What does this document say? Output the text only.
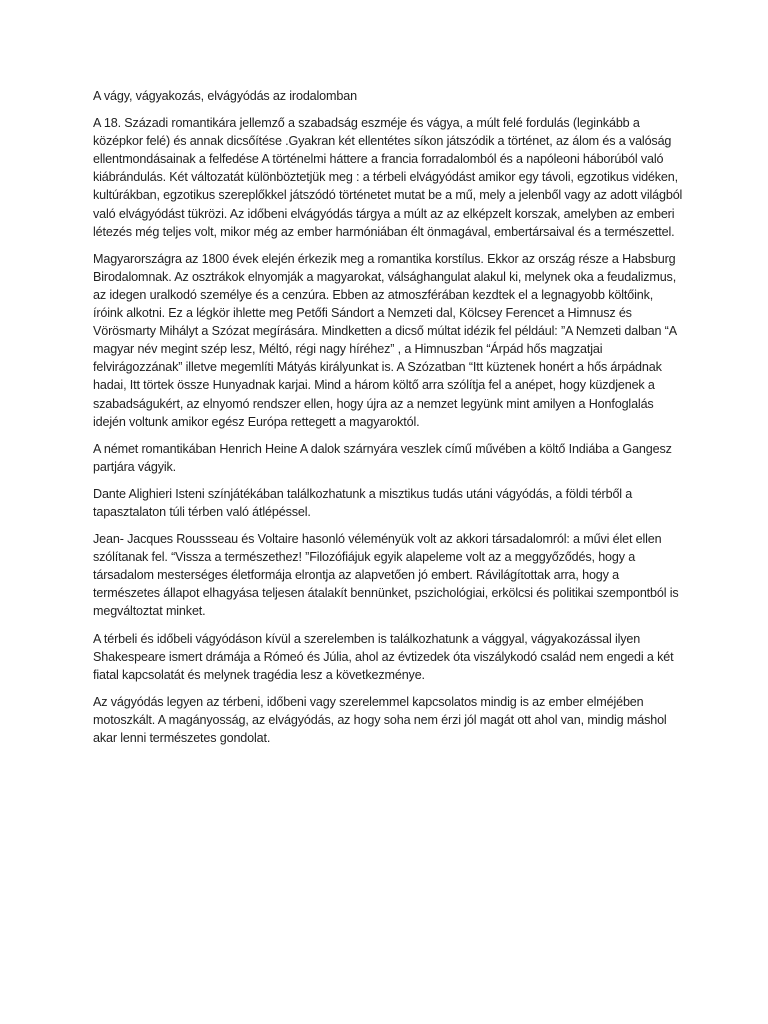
A vágy, vágyakozás, elvágyódás az irodalomban

A 18. Századi romantikára jellemző a szabadság eszméje és vágya, a múlt felé fordulás (leginkább a középkor felé) és annak dicsőítése .Gyakran két ellentétes síkon játszódik a történet, az álom és a valóság ellentmondásainak a felfedése A történelmi háttere a francia forradalomból és a napóleoni háborúból való kiábrándulás. Két változatát különböztetjük meg : a térbeli elvágyódást amikor egy távoli, egzotikus vidéken, kultúrákban, egzotikus szereplőkkel játszódó történetet mutat be a mű, mely a jelenből vagy az adott világból való elvágyódást tükrözi. Az időbeni elvágyódás tárgya a múlt az az elképzelt korszak, amelyben az emberi létezés még teljes volt, mikor még az ember harmóniában élt önmagával, embertársaival és a természettel.

Magyarországra az 1800 évek elején érkezik meg a romantika korstílus. Ekkor az ország része a Habsburg Birodalomnak. Az osztrákok elnyomják a magyarokat, válsághangulat alakul ki, melynek oka a feudalizmus, az idegen uralkodó személye és a cenzúra. Ebben az atmoszférában kezdtek el a legnagyobb költőink, íróink alkotni. Ez a légkör ihlette meg Petőfi Sándort a Nemzeti dal, Kölcsey Ferencet a Himnusz és Vörösmarty Mihályt a Szózat megírására. Mindketten a dicső múltat idézik fel például: ”A Nemzeti dalban “A magyar név megint szép lesz, Méltó, régi nagy híréhez” , a Himnuszban “Árpád hős magzatjai felvirágozzának” illetve megemlíti Mátyás királyunkat is. A Szózatban “Itt küztenek honért a hős árpádnak hadai, Itt törtek össze Hunyadnak karjai. Mind a három költő arra szólítja fel a anépet, hogy küzdjenek a szabadságukért, az elnyomó rendszer ellen, hogy újra az a nemzet legyünk mint amilyen a Honfoglalás idején voltunk amikor egész Európa rettegett a magyaroktól.

A német romantikában Henrich Heine A dalok szárnyára veszlek című művében a költő Indiába a Gangesz partjára vágyik.

Dante Alighieri Isteni színjátékában találkozhatunk a misztikus tudás utáni vágyódás, a földi térből a tapasztalaton túli térben való átlépéssel.

Jean- Jacques Roussseau és Voltaire hasonló véleményük volt az akkori társadalomról: a művi élet ellen szólítanak fel. “Vissza a természethez! ”Filozófiájuk egyik alapeleme volt az a meggyőződés, hogy a társadalom mesterséges életformája elrontja az alapvetően jó embert. Rávilágítottak arra, hogy a természetes állapot elhagyása teljesen átalakít bennünket, pszichológiai, erkölcsi és politikai szempontból is megváltoztat minket.

A térbeli és időbeli vágyódáson kívül a szerelemben is találkozhatunk a vággyal, vágyakozással ilyen Shakespeare ismert drámája a Rómeó és Júlia, ahol az évtizedek óta viszálykodó család nem engedi a két fiatal kapcsolatát és melynek tragédia lesz a következménye.

Az vágyódás legyen az térbeni, időbeni vagy szerelemmel kapcsolatos mindig is az ember elméjében motoszkált. A magányosság, az elvágyódás, az hogy soha nem érzi jól magát ott ahol van, mindig máshol akar lenni természetes gondolat.
